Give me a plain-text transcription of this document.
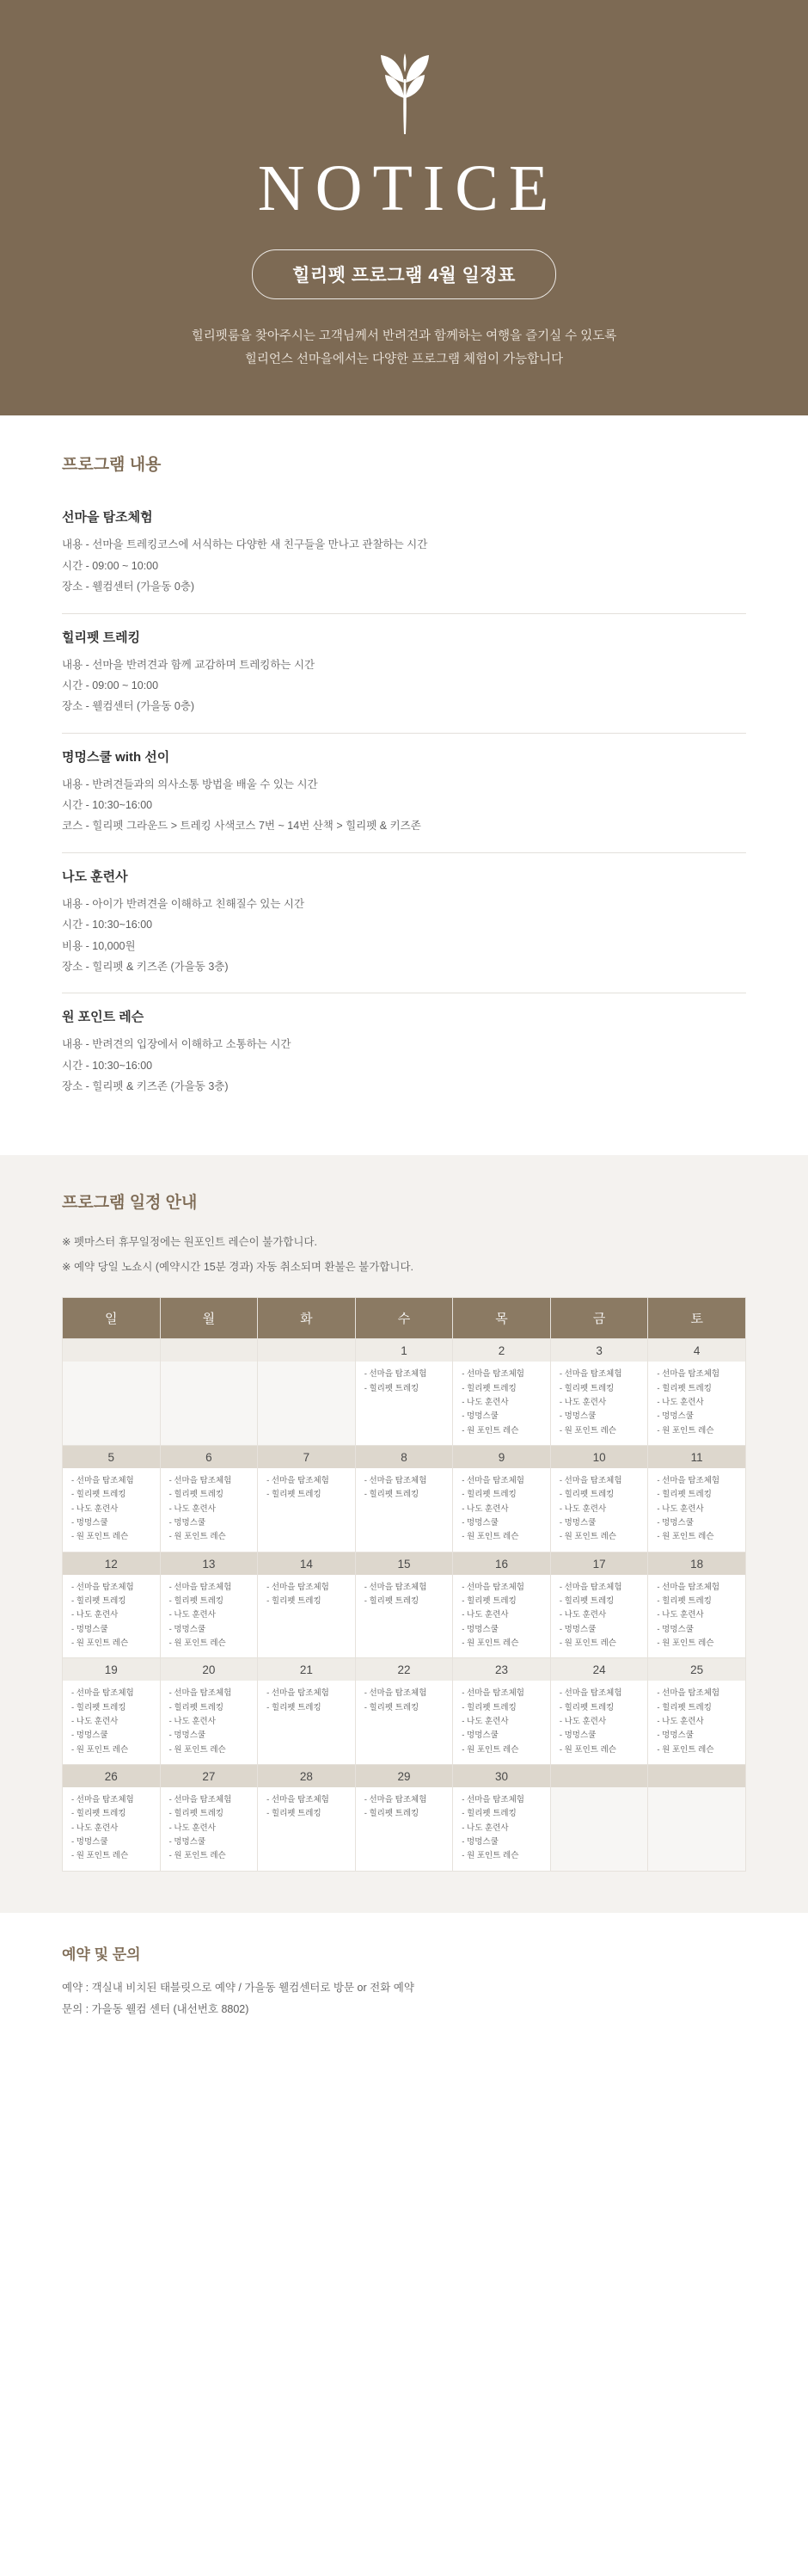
NOTICE
힐리펫 프로그램 4월 일정표
힐리펫룸을 찾아주시는 고객님께서 반려견과 함께하는 여행을 즐기실 수 있도록
힐리언스 선마을에서는 다양한 프로그램 체험이 가능합니다
프로그램 내용
선마을 탐조체험
내용 - 선마을 트레킹코스에 서식하는 다양한 새 친구들을 만나고 관찰하는 시간
시간 - 09:00 ~ 10:00
장소 - 웰컴센터 (가을동 0층)
힐리펫 트레킹
내용 - 선마을 반려견과 함께 교감하며 트레킹하는 시간
시간 - 09:00 ~ 10:00
장소 - 웰컴센터 (가을동 0층)
명멍스쿨 with 선이
내용 - 반려견들과의 의사소통 방법을 배울 수 있는 시간
시간 - 10:30~16:00
코스 - 힐리펫 그라운드 > 트레킹 사색코스 7번 ~ 14번 산책 > 힐리펫 & 키즈존
나도 훈련사
내용 - 아이가 반려견을 이해하고 친해질수 있는 시간
시간 - 10:30~16:00
비용 - 10,000원
장소 - 힐리펫 & 키즈존 (가을동 3층)
원 포인트 레슨
내용 - 반려견의 입장에서 이해하고 소통하는 시간
시간 - 10:30~16:00
장소 - 힐리펫 & 키즈존 (가을동 3층)
프로그램 일정 안내
※ 펫마스터 휴무일정에는 원포인트 레슨이 불가합니다.
※ 예약 당일 노쇼시 (예약시간 15분 경과) 자동 취소되며 환불은 불가합니다.
일	월	화	수	목	금	토

			1	2	3	4

- 선마을 탐조체험
- 힐리펫 트레킹

- 선마을 탐조체험
- 힐리펫 트레킹
- 나도 훈련사
- 멍멍스쿨
- 원 포인트 레슨

- 선마을 탐조체험
- 힐리펫 트레킹
- 나도 훈련사
- 멍멍스쿨
- 원 포인트 레슨

- 선마을 탐조체험
- 힐리펫 트레킹
- 나도 훈련사
- 멍멍스쿨
- 원 포인트 레슨

5	6	7	8	9	10	11

- 선마을 탐조체험
- 힐리펫 트레킹
- 나도 훈련사
- 멍멍스쿨
- 원 포인트 레슨

- 선마을 탐조체험
- 힐리펫 트레킹
- 나도 훈련사
- 멍멍스쿨
- 원 포인트 레슨

- 선마을 탐조체험
- 힐리펫 트레킹

- 선마을 탐조체험
- 힐리펫 트레킹

- 선마을 탐조체험
- 힐리펫 트레킹
- 나도 훈련사
- 멍멍스쿨
- 원 포인트 레슨

- 선마을 탐조체험
- 힐리펫 트레킹
- 나도 훈련사
- 멍멍스쿨
- 원 포인트 레슨

- 선마을 탐조체험
- 힐리펫 트레킹
- 나도 훈련사
- 멍멍스쿨
- 원 포인트 레슨

12	13	14	15	16	17	18

- 선마을 탐조체험
- 힐리펫 트레킹
- 나도 훈련사
- 멍멍스쿨
- 원 포인트 레슨

- 선마을 탐조체험
- 힐리펫 트레킹
- 나도 훈련사
- 멍멍스쿨
- 원 포인트 레슨

- 선마을 탐조체험
- 힐리펫 트레킹

- 선마을 탐조체험
- 힐리펫 트레킹

- 선마을 탐조체험
- 힐리펫 트레킹
- 나도 훈련사
- 멍멍스쿨
- 원 포인트 레슨

- 선마을 탐조체험
- 힐리펫 트레킹
- 나도 훈련사
- 멍멍스쿨
- 원 포인트 레슨

- 선마을 탐조체험
- 힐리펫 트레킹
- 나도 훈련사
- 멍멍스쿨
- 원 포인트 레슨

19	20	21	22	23	24	25

- 선마을 탐조체험
- 힐리펫 트레킹
- 나도 훈련사
- 멍멍스쿨
- 원 포인트 레슨

- 선마을 탐조체험
- 힐리펫 트레킹
- 나도 훈련사
- 멍멍스쿨
- 원 포인트 레슨

- 선마을 탐조체험
- 힐리펫 트레킹

- 선마을 탐조체험
- 힐리펫 트레킹

- 선마을 탐조체험
- 힐리펫 트레킹
- 나도 훈련사
- 멍멍스쿨
- 원 포인트 레슨

- 선마을 탐조체험
- 힐리펫 트레킹
- 나도 훈련사
- 멍멍스쿨
- 원 포인트 레슨

- 선마을 탐조체험
- 힐리펫 트레킹
- 나도 훈련사
- 멍멍스쿨
- 원 포인트 레슨

26	27	28	29	30		

- 선마을 탐조체험
- 힐리펫 트레킹
- 나도 훈련사
- 멍멍스쿨
- 원 포인트 레슨

- 선마을 탐조체험
- 힐리펫 트레킹
- 나도 훈련사
- 멍멍스쿨
- 원 포인트 레슨

- 선마을 탐조체험
- 힐리펫 트레킹

- 선마을 탐조체험
- 힐리펫 트레킹

- 선마을 탐조체험
- 힐리펫 트레킹
- 나도 훈련사
- 멍멍스쿨
- 원 포인트 레슨

예약 및 문의

예약 : 객실내 비치된 태블릿으로 예약 / 가을동 웰컴센터로 방문 or 전화 예약

문의 : 가을동 웰컴 센터 (내선번호 8802)
